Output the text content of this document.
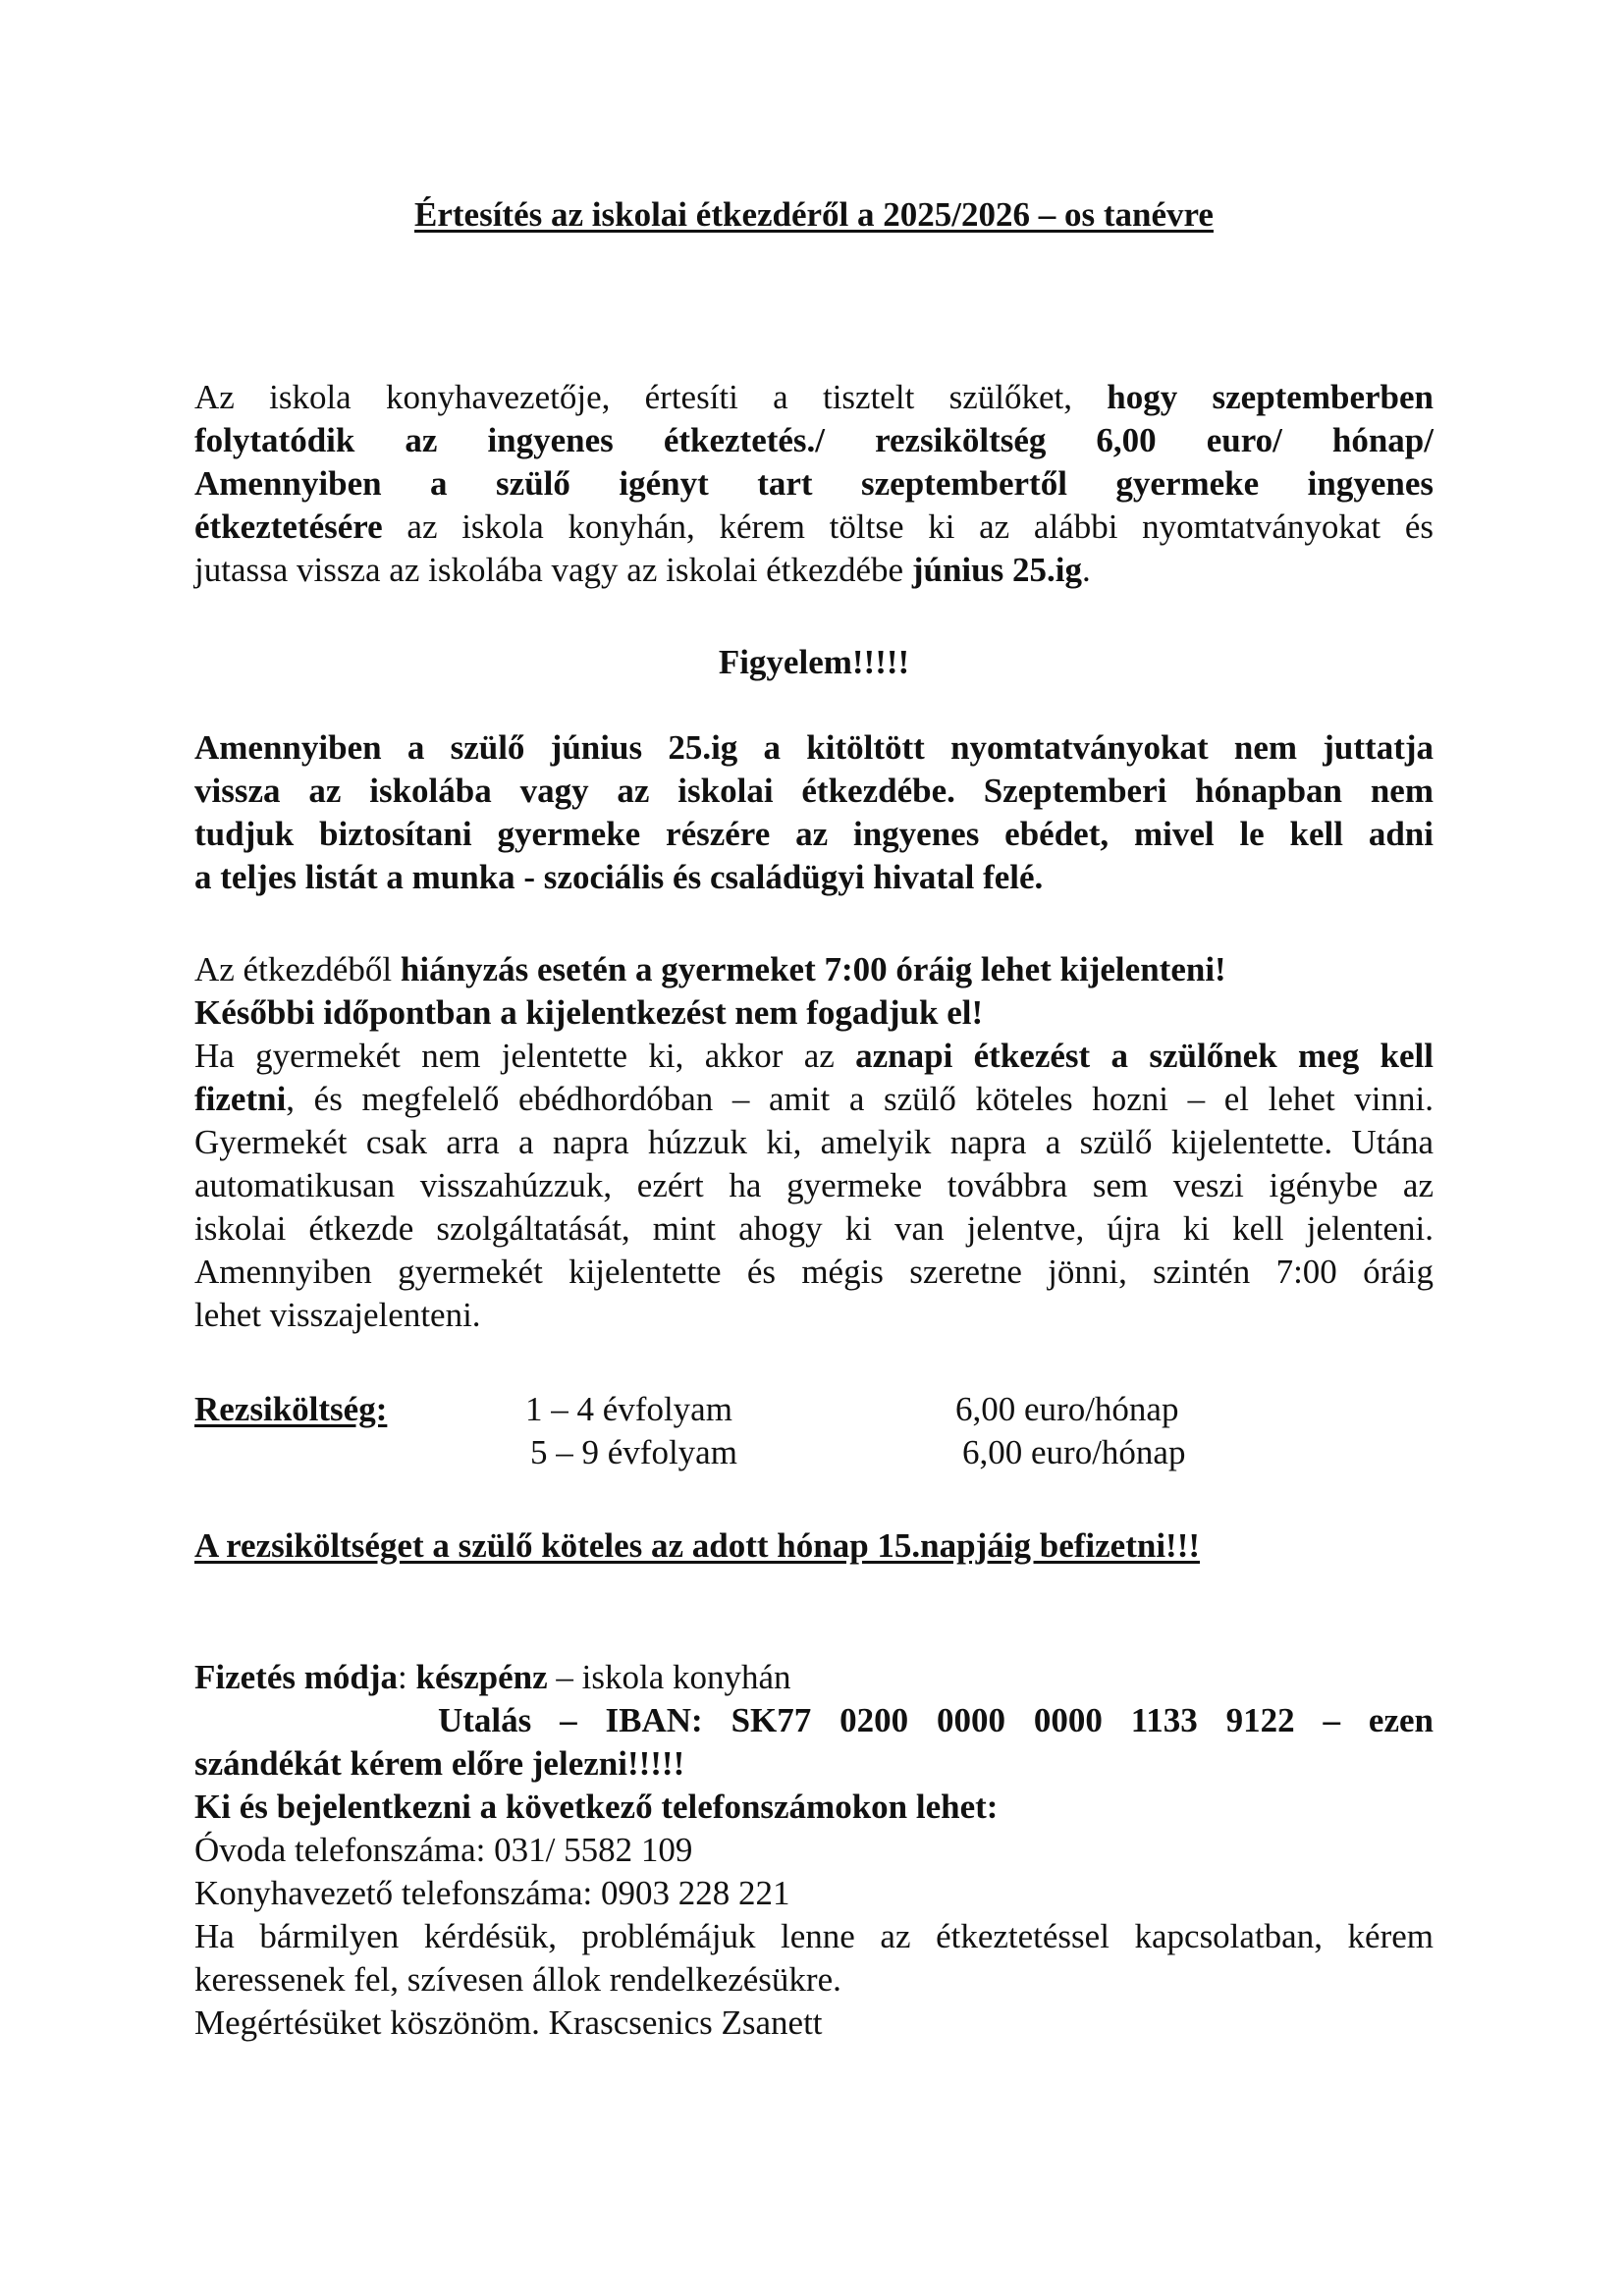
Értesítés az iskolai étkezdéről a 2025/2026 – os tanévre
Az iskola konyhavezetője, értesíti a tisztelt szülőket, hogy szeptemberben
folytatódik az ingyenes étkeztetés./ rezsiköltség 6,00 euro/ hónap/
Amennyiben a szülő igényt tart szeptembertől gyermeke ingyenes
étkeztetésére az iskola konyhán, kérem töltse ki az alábbi nyomtatványokat és
jutassa vissza az iskolába vagy az iskolai étkezdébe június 25.ig.
Figyelem!!!!!
Amennyiben a szülő június 25.ig a kitöltött nyomtatványokat nem juttatja
vissza az iskolába vagy az iskolai étkezdébe. Szeptemberi hónapban nem
tudjuk biztosítani gyermeke részére az ingyenes ebédet, mivel le kell adni
a teljes listát a munka - szociális és családügyi hivatal felé.
Az étkezdéből hiányzás esetén a gyermeket 7:00 óráig lehet kijelenteni!
Későbbi időpontban a kijelentkezést nem fogadjuk el!
Ha gyermekét nem jelentette ki, akkor az aznapi étkezést a szülőnek meg kell
fizetni, és megfelelő ebédhordóban – amit a szülő köteles hozni – el lehet vinni.
Gyermekét csak arra a napra húzzuk ki, amelyik napra a szülő kijelentette. Utána
automatikusan visszahúzzuk, ezért ha gyermeke továbbra sem veszi igénybe az
iskolai étkezde szolgáltatását, mint ahogy ki van jelentve, újra ki kell jelenteni.
Amennyiben gyermekét kijelentette és mégis szeretne jönni, szintén 7:00 óráig
lehet visszajelenteni.
Rezsiköltség:	1 – 4 évfolyam	6,00 euro/hónap
5 – 9 évfolyam	6,00 euro/hónap
A rezsiköltséget a szülő köteles az adott hónap 15.napjáig befizetni!!!
Fizetés módja: készpénz – iskola konyhán
Utalás – IBAN: SK77 0200 0000 0000 1133 9122 – ezen
szándékát kérem előre jelezni!!!!!
Ki és bejelentkezni a következő telefonszámokon lehet:
Óvoda telefonszáma: 031/ 5582 109
Konyhavezető telefonszáma: 0903 228 221
Ha bármilyen kérdésük, problémájuk lenne az étkeztetéssel kapcsolatban, kérem
keressenek fel, szívesen állok rendelkezésükre.
Megértésüket köszönöm. Krascsenics Zsanett
